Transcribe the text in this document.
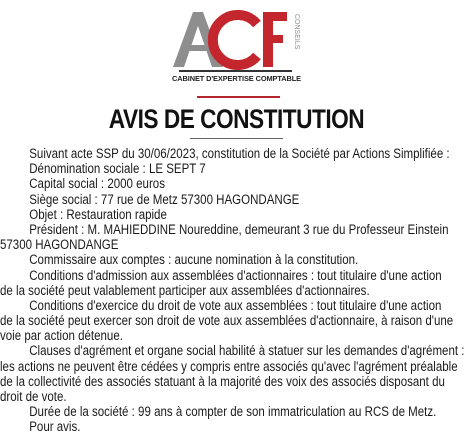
CONSEILS
CABINET D'EXPERTISE COMPTABLE
AVIS DE CONSTITUTION
Suivant acte SSP du 30/06/2023, constitution de la Société par Actions Simplifiée :
Dénomination sociale : LE SEPT 7
Capital social : 2000 euros
Siège social : 77 rue de Metz 57300 HAGONDANGE
Objet : Restauration rapide
Président : M. MAHIEDDINE Noureddine, demeurant 3 rue du Professeur Einstein
57300 HAGONDANGE
Commissaire aux comptes : aucune nomination à la constitution.
Conditions d'admission aux assemblées d'actionnaires : tout titulaire d'une action
de la société peut valablement participer aux assemblées d'actionnaires.
Conditions d'exercice du droit de vote aux assemblées : tout titulaire d'une action
de la société peut exercer son droit de vote aux assemblées d'actionnaire, à raison d'une
voie par action détenue.
Clauses d'agrément et organe social habilité à statuer sur les demandes d'agrément :
les actions ne peuvent être cédées y compris entre associés qu'avec l'agrément préalable
de la collectivité des associés statuant à la majorité des voix des associés disposant du
droit de vote.
Durée de la société : 99 ans à compter de son immatriculation au RCS de Metz.
Pour avis.
